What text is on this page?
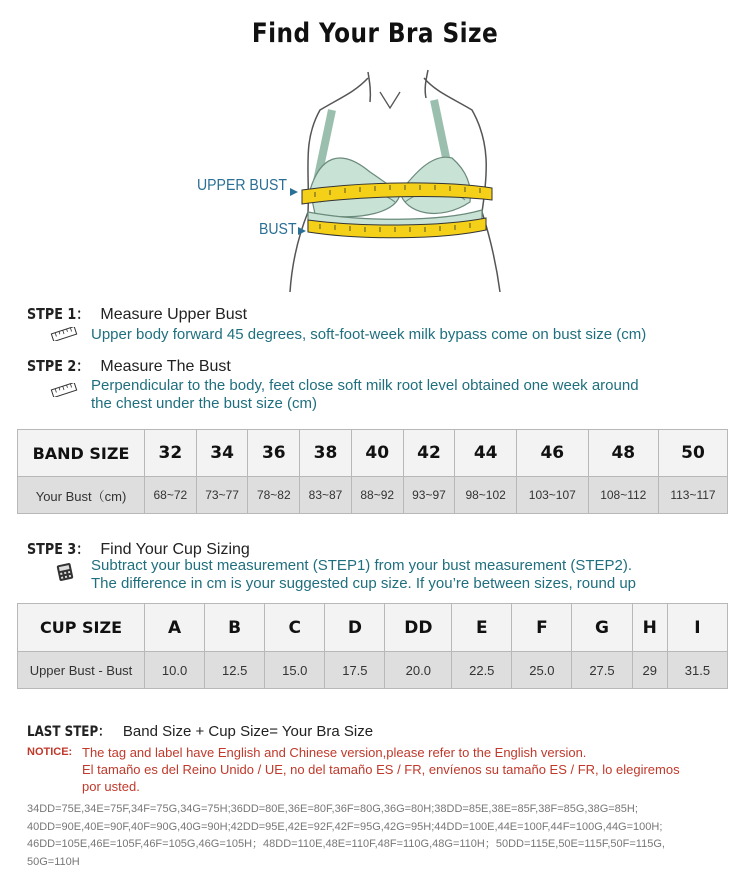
Find Your Bra Size
UPPER BUST
BUST
STPE 1： Measure Upper Bust
Upper body forward 45 degrees, soft-foot-week milk bypass come on bust size (cm)
STPE 2： Measure The Bust
Perpendicular to the body, feet close soft milk root level obtained one week around
the chest under the bust size (cm)
BAND SIZE	32	34	36	38	40	42	44	46	48	50
Your Bust（cm)	68~72	73~77	78~82	83~87	88~92	93~97	98~102	103~107	108~112	113~117
STPE 3： Find Your Cup Sizing
Subtract your bust measurement (STEP1) from your bust measurement (STEP2).
The difference in cm is your suggested cup size. If you’re between sizes, round up
CUP SIZE	A	B	C	D	DD	E	F	G	H	I
Upper Bust - Bust	10.0	12.5	15.0	17.5	20.0	22.5	25.0	27.5	29	31.5
LAST STEP： Band Size + Cup Size= Your Bra Size
NOTICE: The tag and label have English and Chinese version,please refer to the English version.
El tamaño es del Reino Unido / UE, no del tamaño ES / FR, envíenos su tamaño ES / FR, lo elegiremos
por usted.
34DD=75E,34E=75F,34F=75G,34G=75H;36DD=80E,36E=80F,36F=80G,36G=80H;38DD=85E,38E=85F,38F=85G,38G=85H;
40DD=90E,40E=90F,40F=90G,40G=90H;42DD=95E,42E=92F,42F=95G,42G=95H;44DD=100E,44E=100F,44F=100G,44G=100H;
46DD=105E,46E=105F,46F=105G,46G=105H；48DD=110E,48E=110F,48F=110G,48G=110H；50DD=115E,50E=115F,50F=115G,
50G=110H
